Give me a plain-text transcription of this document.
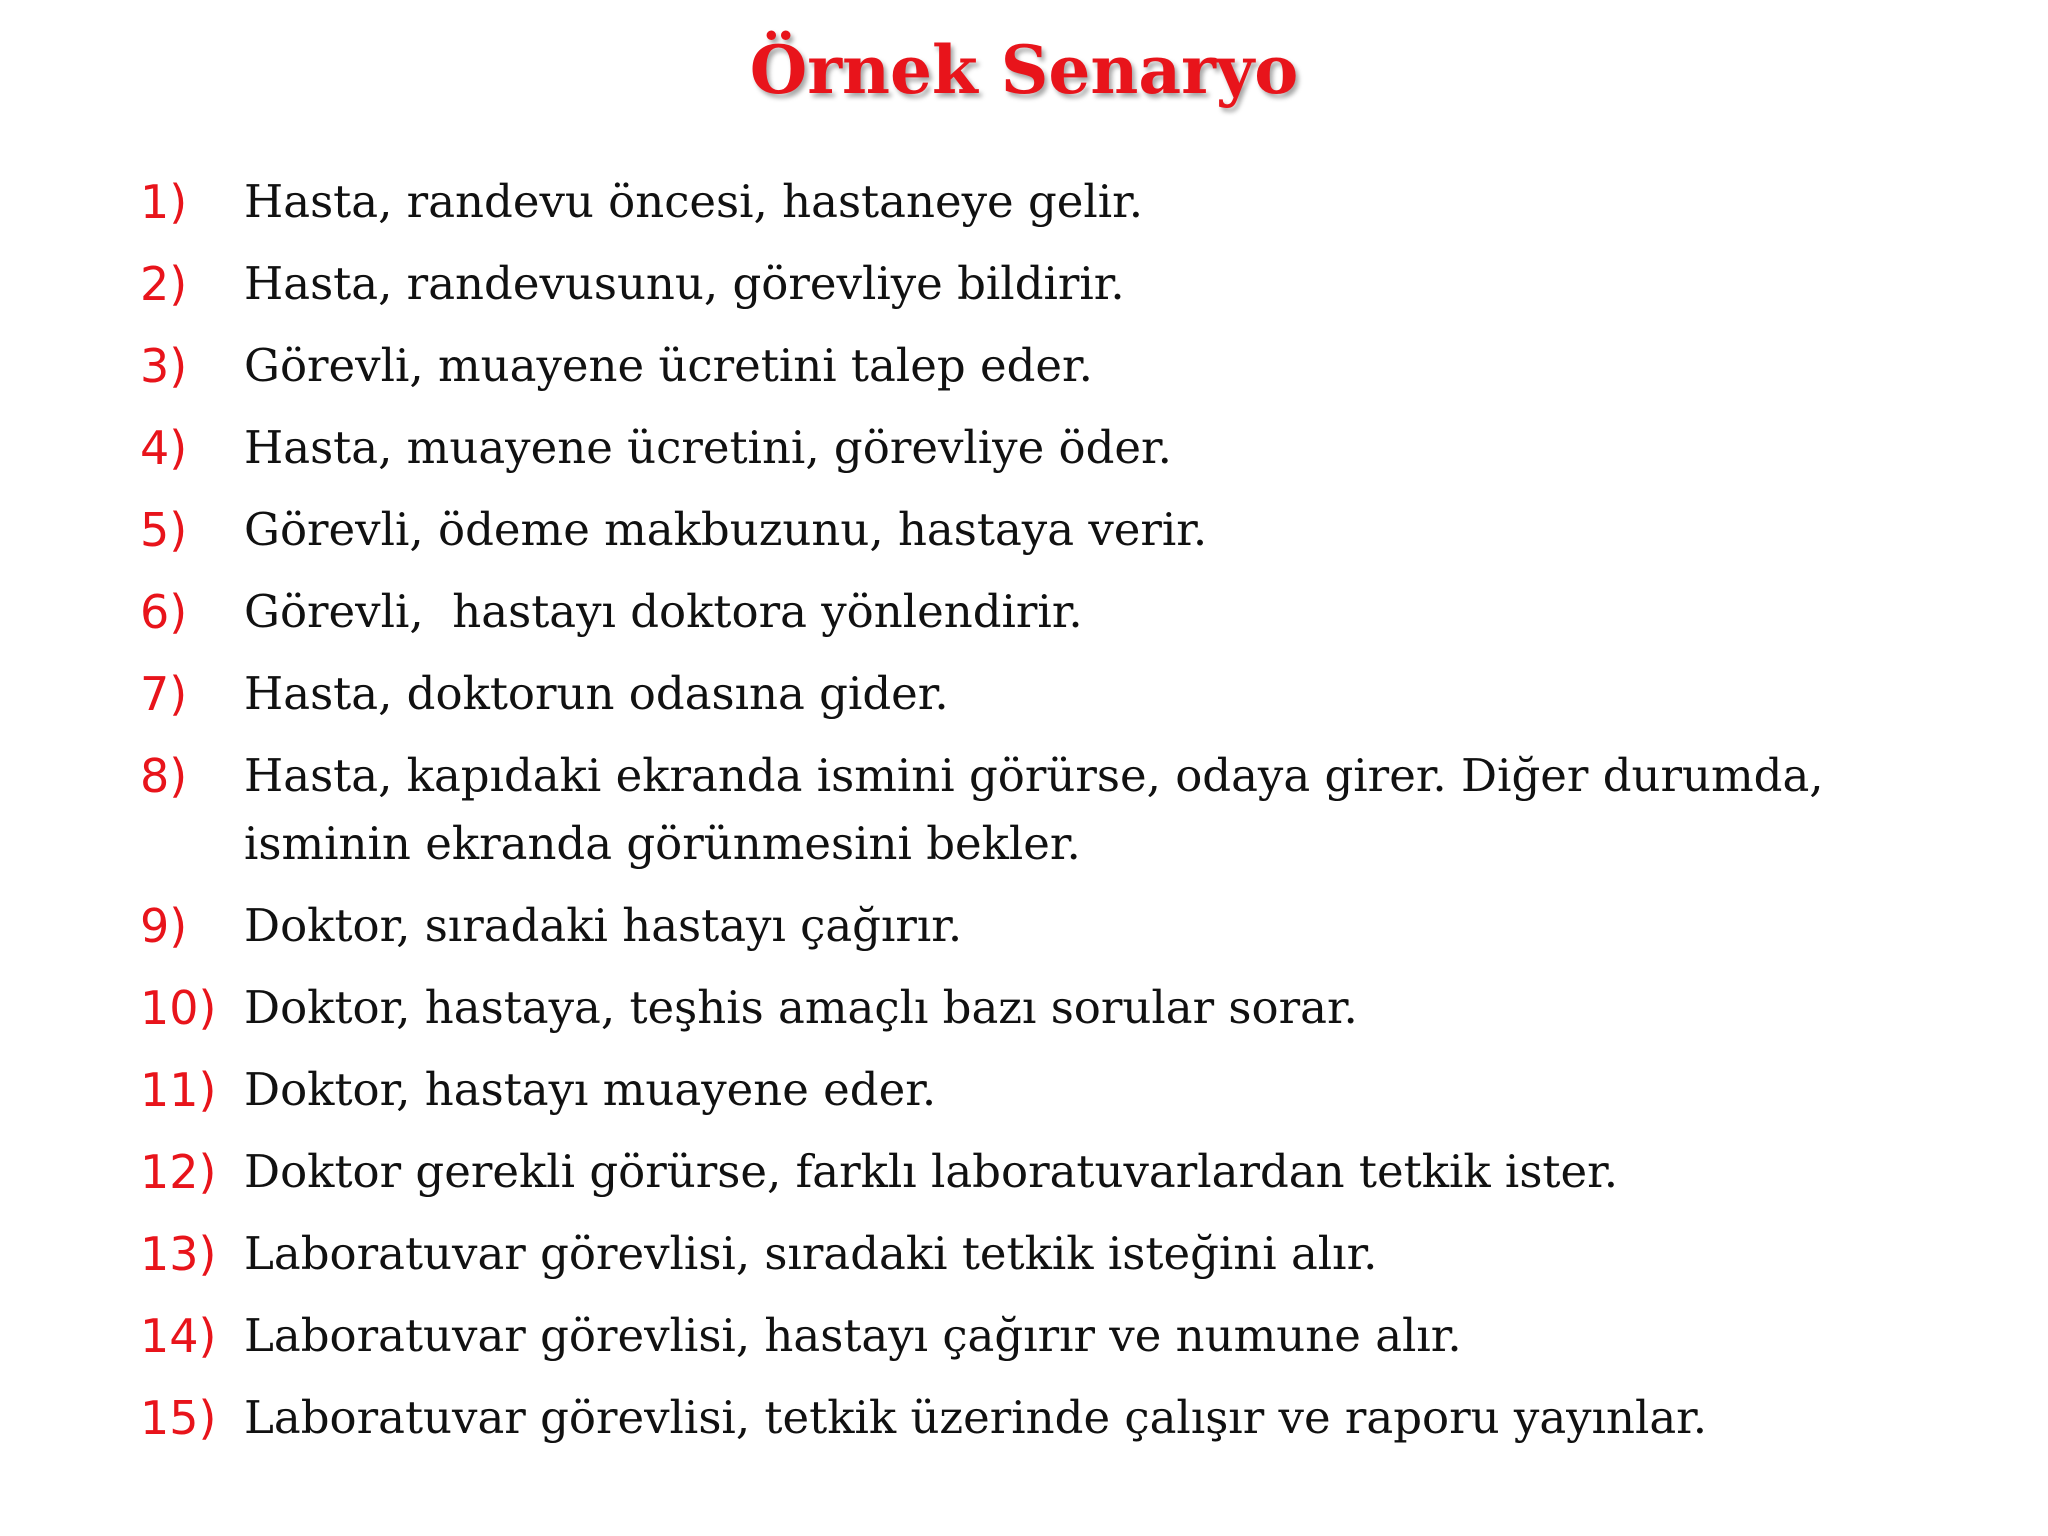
Örnek Senaryo
1)	Hasta, randevu öncesi, hastaneye gelir.
2)	Hasta, randevusunu, görevliye bildirir.
3)	Görevli, muayene ücretini talep eder.
4)	Hasta, muayene ücretini, görevliye öder.
5)	Görevli, ödeme makbuzunu, hastaya verir.
6)	Görevli,  hastayı doktora yönlendirir.
7)	Hasta, doktorun odasına gider.
8)	Hasta, kapıdaki ekranda ismini görürse, odaya girer. Diğer durumda, isminin ekranda görünmesini bekler.
9)	Doktor, sıradaki hastayı çağırır.
10) Doktor, hastaya, teşhis amaçlı bazı sorular sorar.
11) Doktor, hastayı muayene eder.
12) Doktor gerekli görürse, farklı laboratuvarlardan tetkik ister.
13) Laboratuvar görevlisi, sıradaki tetkik isteğini alır.
14) Laboratuvar görevlisi, hastayı çağırır ve numune alır.
15) Laboratuvar görevlisi, tetkik üzerinde çalışır ve raporu yayınlar.
